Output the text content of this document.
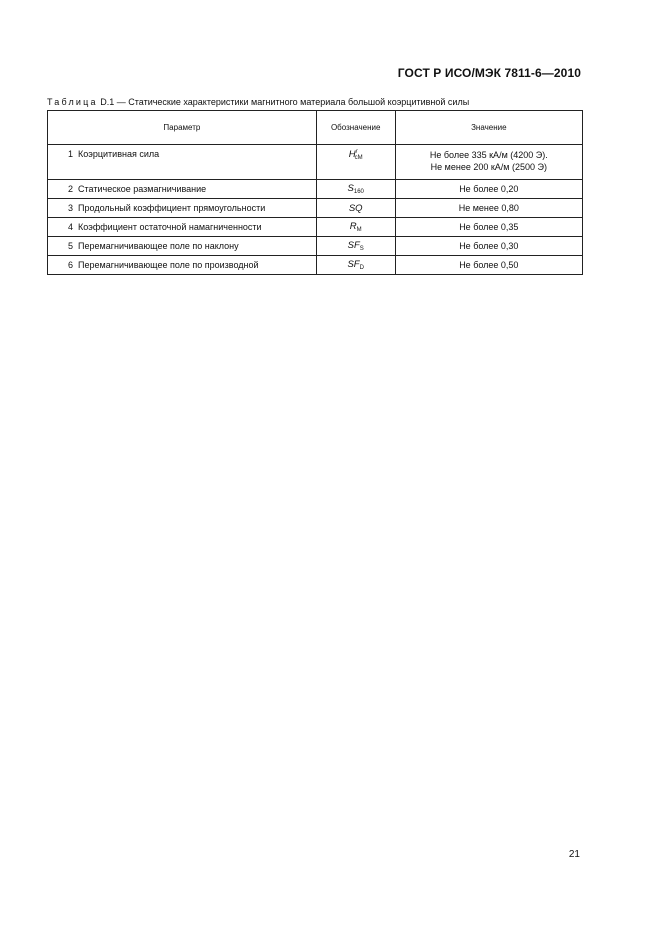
ГОСТ Р ИСО/МЭК 7811-6—2010
Таблица D.1 — Статические характеристики магнитного материала большой коэрцитивной силы
Параметр	Обозначение	Значение
1 Коэрцитивная сила	$H^r_{cM}$	Не более 335 кА/м (4200 Э).
Не менее 200 кА/м (2500 Э)

2 Статическое размагничивание	$S_{160}$	Не более 0,20
3 Продольный коэффициент прямоугольности	SQ	Не менее 0,80
4 Коэффициент остаточной намагниченности	$R_M$	Не более 0,35
5 Перемагничивающее поле по наклону	$SF_S$	Не более 0,30
6 Перемагничивающее поле по производной	$SF_D$	Не более 0,50
21
